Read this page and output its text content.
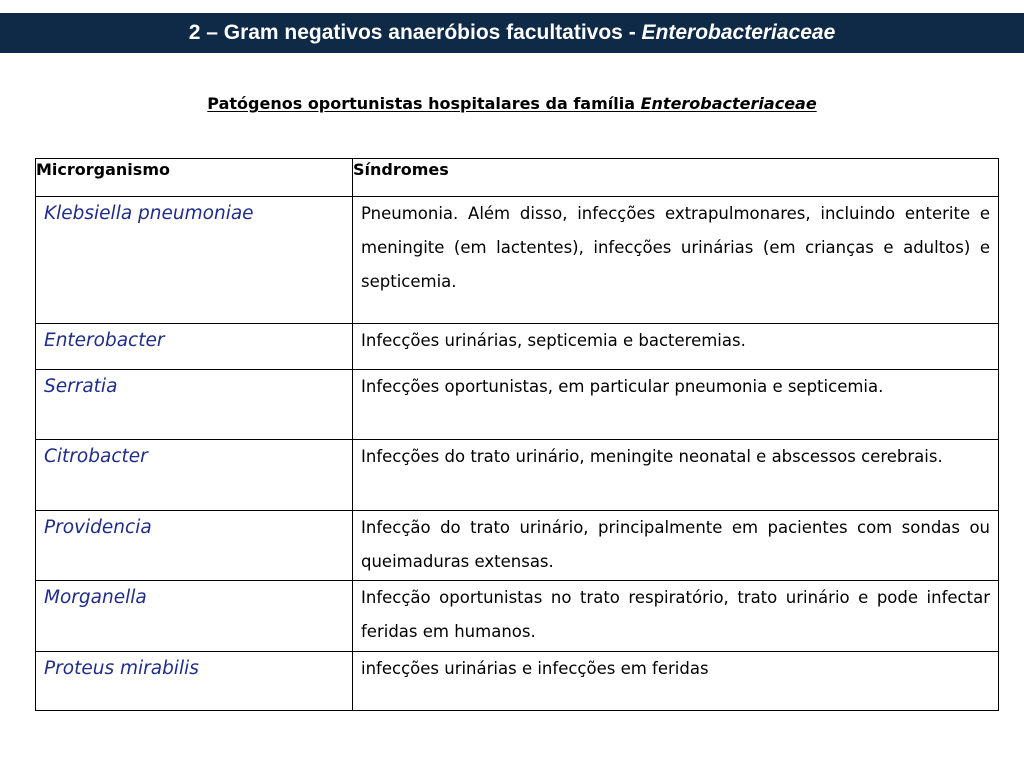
2 – Gram negativos anaeróbios facultativos - Enterobacteriaceae
Patógenos oportunistas hospitalares da família Enterobacteriaceae
Microrganismo	Síndromes
Klebsiella pneumoniae	Pneumonia. Além disso, infecções extrapulmonares, incluindo enterite e meningite (em lactentes), infecções urinárias (em crianças e adultos) e septicemia.
Enterobacter	Infecções urinárias, septicemia e bacteremias.
Serratia	Infecções oportunistas, em particular pneumonia e septicemia.
Citrobacter	Infecções do trato urinário, meningite neonatal e abscessos cerebrais.
Providencia	Infecção do trato urinário, principalmente em pacientes com sondas ou queimaduras extensas.
Morganella	Infecção oportunistas no trato respiratório, trato urinário e pode infectar feridas em humanos.
Proteus mirabilis	infecções urinárias e infecções em feridas
